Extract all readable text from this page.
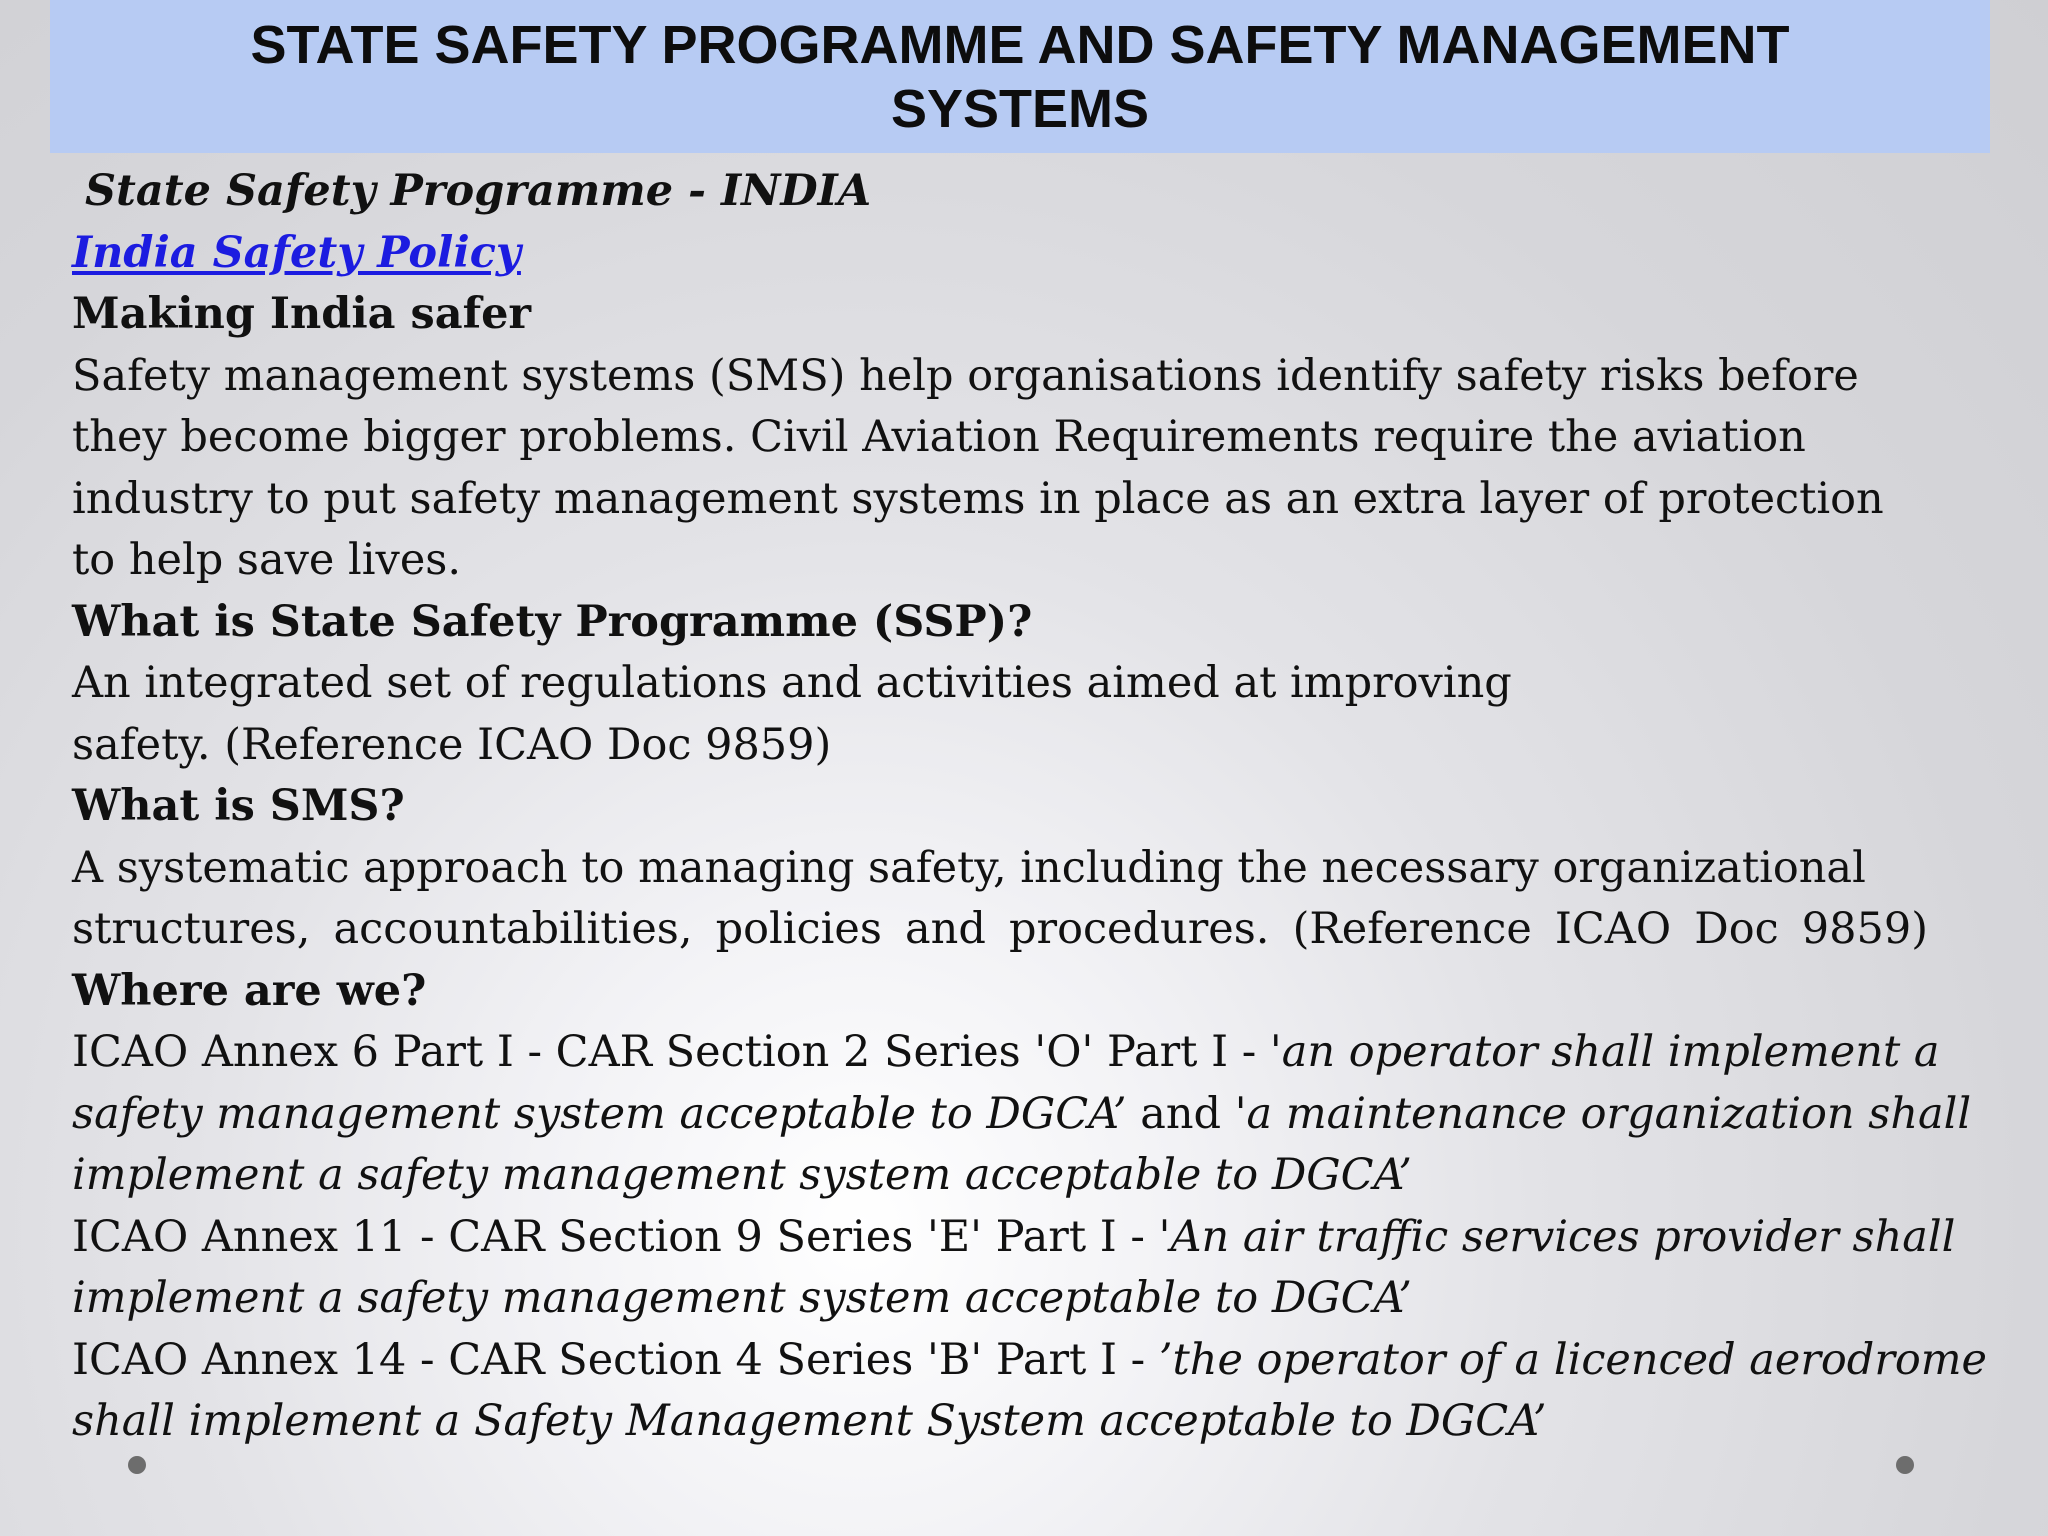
STATE SAFETY PROGRAMME AND SAFETY MANAGEMENT
SYSTEMS
State Safety Programme - INDIA
India Safety Policy
Making India safer
Safety management systems (SMS) help organisations identify safety risks before
they become bigger problems. Civil Aviation Requirements require the aviation
industry to put safety management systems in place as an extra layer of protection
to help save lives.
What is State Safety Programme (SSP)?
An integrated set of regulations and activities aimed at improving
safety. (Reference ICAO Doc 9859)
What is SMS?
A systematic approach to managing safety, including the necessary organizational
structures, accountabilities, policies and procedures. (Reference ICAO Doc 9859)
Where are we?
ICAO Annex 6 Part I - CAR Section 2 Series 'O' Part I - 'an operator shall implement a
safety management system acceptable to DGCA’ and 'a maintenance organization shall
implement a safety management system acceptable to DGCA’
ICAO Annex 11 - CAR Section 9 Series 'E' Part I - 'An air traffic services provider shall
implement a safety management system acceptable to DGCA’
ICAO Annex 14 - CAR Section 4 Series 'B' Part I - ’the operator of a licenced aerodrome
shall implement a Safety Management System acceptable to DGCA’
